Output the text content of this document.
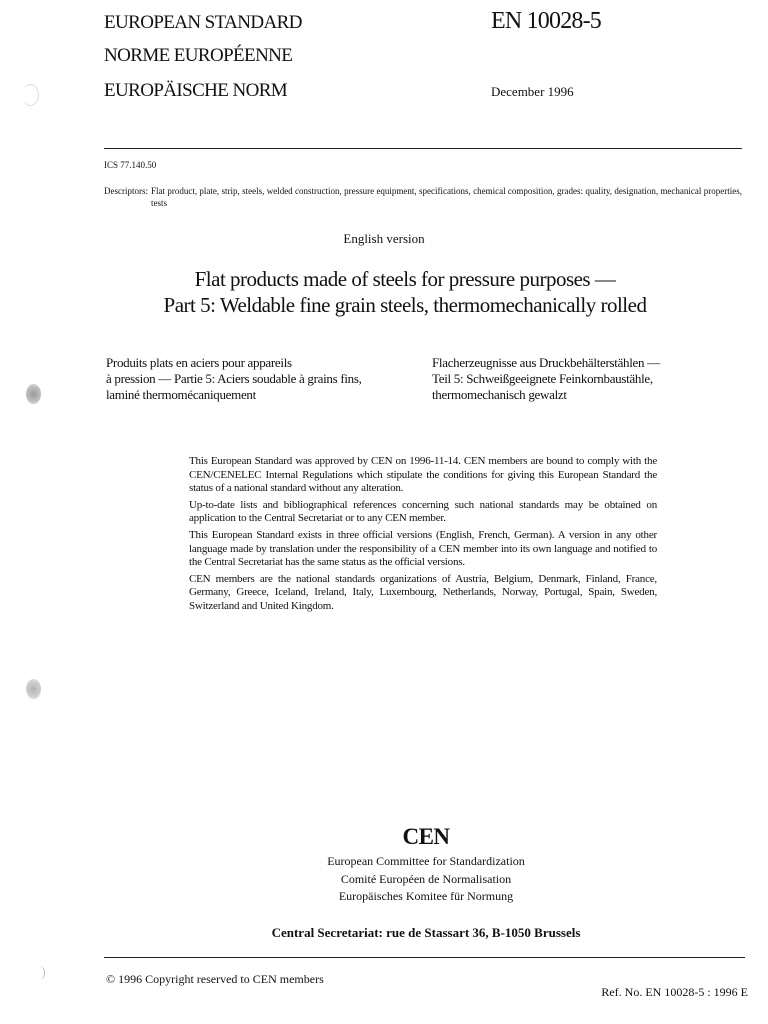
EUROPEAN STANDARD
NORME EUROPÉENNE
EUROPÄISCHE NORM
EN 10028-5
December 1996
ICS 77.140.50
Descriptors: Flat product, plate, strip, steels, welded construction, pressure equipment, specifications, chemical composition, grades: quality, designation, mechanical properties, tests
English version
Flat products made of steels for pressure purposes —
Part 5: Weldable fine grain steels, thermomechanically rolled
Produits plats en aciers pour appareils
à pression — Partie 5: Aciers soudable à grains fins,
laminé thermomécaniquement
Flacherzeugnisse aus Druckbehälterstählen —
Teil 5: Schweißgeeignete Feinkornbaustähle,
thermomechanisch gewalzt

This European Standard was approved by CEN on 1996-11-14. CEN members are bound to comply with the CEN/CENELEC Internal Regulations which stipulate the conditions for giving this European Standard the status of a national standard without any alteration.

Up-to-date lists and bibliographical references concerning such national standards may be obtained on application to the Central Secretariat or to any CEN member.

This European Standard exists in three official versions (English, French, German). A version in any other language made by translation under the responsibility of a CEN member into its own language and notified to the Central Secretariat has the same status as the official versions.

CEN members are the national standards organizations of Austria, Belgium, Denmark, Finland, France, Germany, Greece, Iceland, Ireland, Italy, Luxembourg, Netherlands, Norway, Portugal, Spain, Sweden, Switzerland and United Kingdom.

CEN
European Committee for Standardization
Comité Européen de Normalisation
Europäisches Komitee für Normung
Central Secretariat: rue de Stassart 36, B-1050 Brussels
© 1996 Copyright reserved to CEN members
Ref. No. EN 10028-5 : 1996 E
